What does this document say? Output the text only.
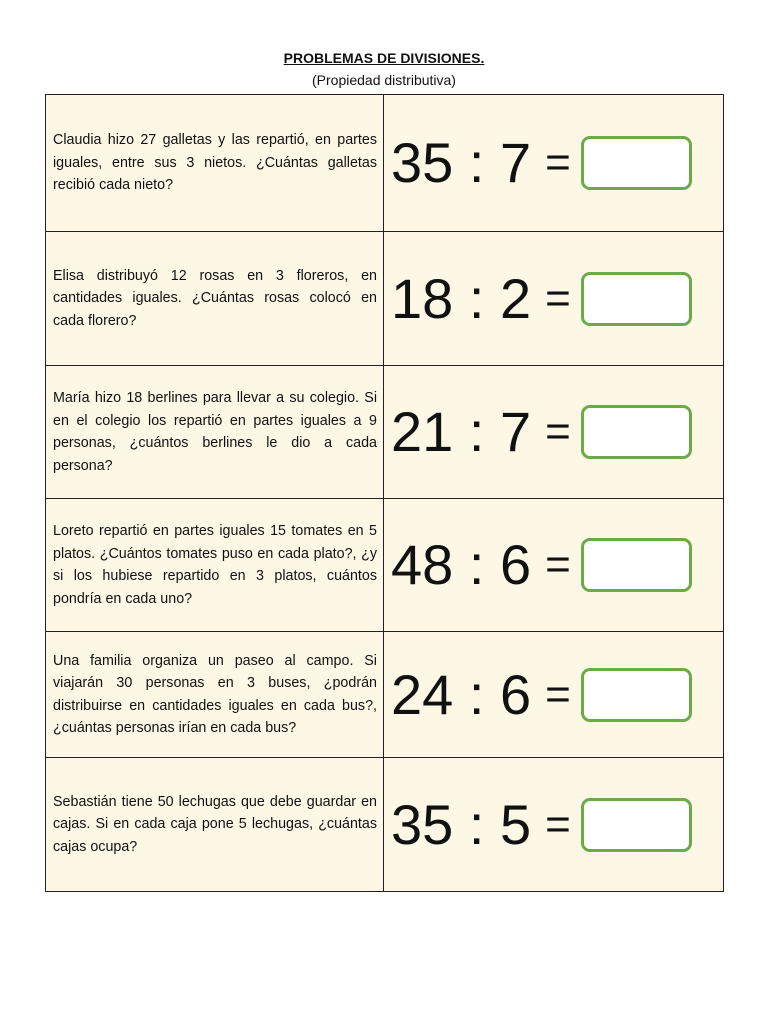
PROBLEMAS DE DIVISIONES.
(Propiedad distributiva)

Claudia hizo 27 galletas y las repartió, en partes iguales, entre sus 3 nietos. ¿Cuántas galletas recibió cada nieto?	35 : 7 =

Elisa distribuyó 12 rosas en 3 floreros, en cantidades iguales. ¿Cuántas rosas colocó en cada florero?	18 : 2 =

María hizo 18 berlines para llevar a su colegio. Si en el colegio los repartió en partes iguales a 9 personas, ¿cuántos berlines le dio a cada persona?	21 : 7 =

Loreto repartió en partes iguales 15 tomates en 5 platos. ¿Cuántos tomates puso en cada plato?, ¿y si los hubiese repartido en 3 platos, cuántos pondría en cada uno?	48 : 6 =

Una familia organiza un paseo al campo. Si viajarán 30 personas en 3 buses, ¿podrán distribuirse en cantidades iguales en cada bus?, ¿cuántas personas irían en cada bus?	24 : 6 =

Sebastián tiene 50 lechugas que debe guardar en cajas. Si en cada caja pone 5 lechugas, ¿cuántas cajas ocupa?	35 : 5 =
